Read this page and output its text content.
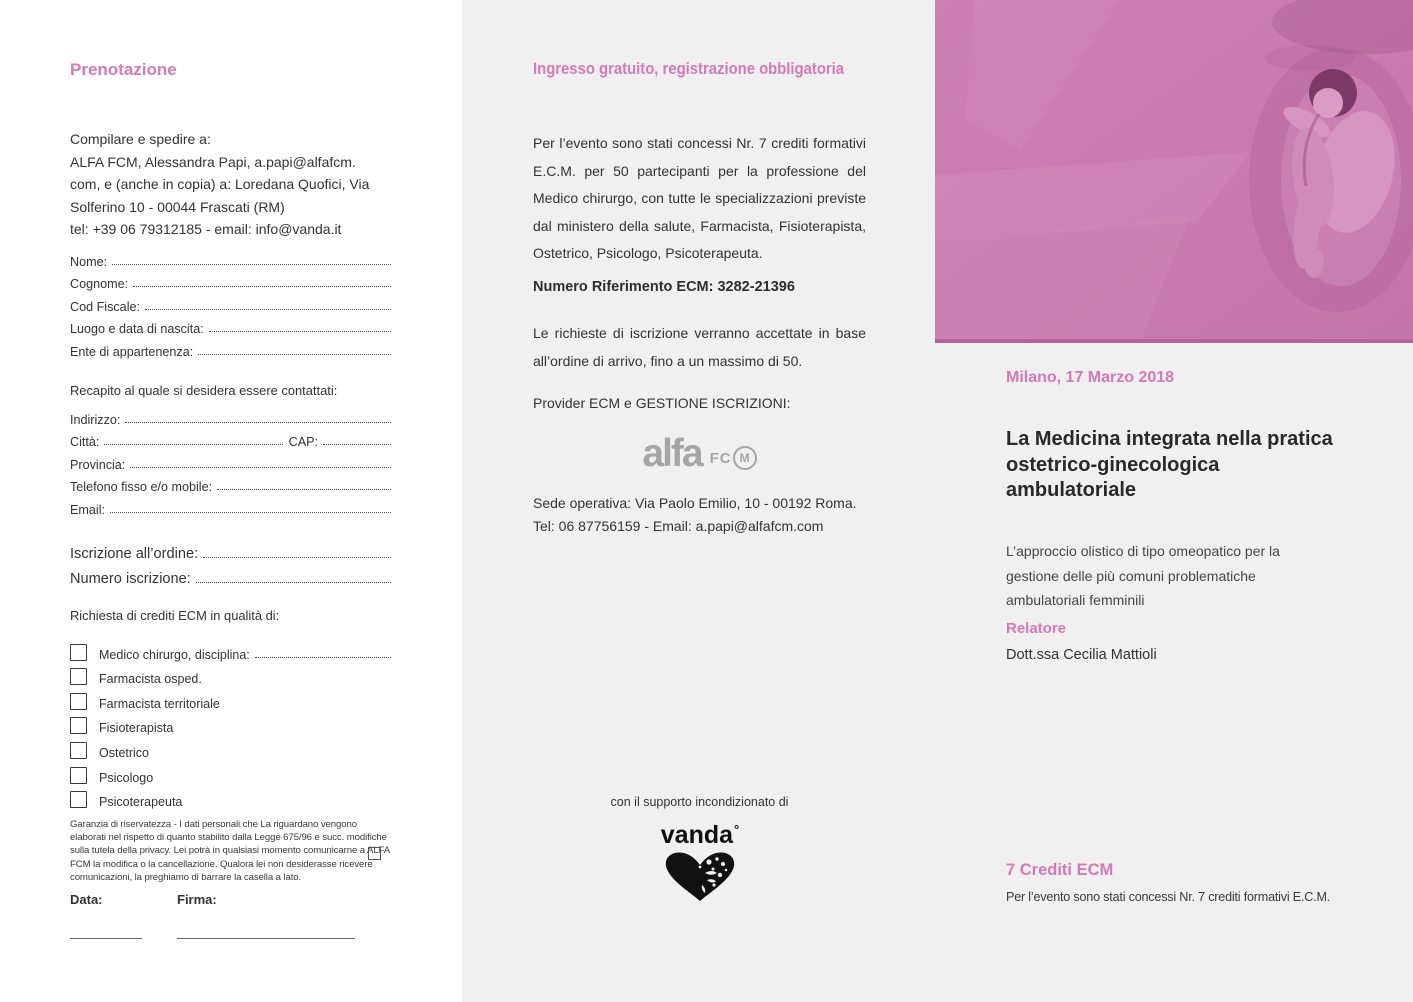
Prenotazione
Compilare e spedire a:
ALFA FCM, Alessandra Papi, a.papi@alfafcm.
com, e (anche in copia) a: Loredana Quofici, Via
Solferino 10 - 00044 Frascati (RM)
tel: +39 06 79312185 - email: info@vanda.it
Nome:
Cognome:
Cod Fiscale:
Luogo e data di nascita:
Ente di appartenenza:
Recapito al quale si desidera essere contattati:
Indirizzo:
Città:	CAP:
Provincia:
Telefono fisso e/o mobile:
Email:
Iscrizione all’ordine:
Numero iscrizione:
Richiesta di crediti ECM in qualità di:
Medico chirurgo, disciplina:
Farmacista osped.
Farmacista territoriale
Fisioterapista
Ostetrico
Psicologo
Psicoterapeuta
Garanzia di riservatezza - I dati personali che La riguardano vengono elaborati nel rispetto di quanto stabilito dalla Legge 675/96 e succ. modifiche sulla tutela della privacy. Lei potrà in qualsiasi momento comunicarne a ALFA FCM la modifica o la cancellazione. Qualora lei non desiderasse ricevere comunicazioni, la preghiamo di barrare la casella a lato.
Data:	Firma:
Ingresso gratuito, registrazione obbligatoria
Per l’evento sono stati concessi Nr. 7 crediti formativi E.C.M. per 50 partecipanti per la professione del Medico chirurgo, con tutte le specializzazioni previste dal ministero della salute, Farmacista, Fisioterapista, Ostetrico, Psicologo, Psicoterapeuta.
Numero Riferimento ECM: 3282-21396
Le richieste di iscrizione verranno accettate in base all’ordine di arrivo, fino a un massimo di 50.
Provider ECM e GESTIONE ISCRIZIONI:
alfa FC M
Sede operativa: Via Paolo Emilio, 10 - 00192 Roma.
Tel: 06 87756159 - Email: a.papi@alfafcm.com
con il supporto incondizionato di
vanda°
Milano, 17 Marzo 2018
La Medicina integrata nella pratica ostetrico-ginecologica ambulatoriale
L’approccio olistico di tipo omeopatico per la gestione delle più comuni problematiche ambulatoriali femminili
Relatore
Dott.ssa Cecilia Mattioli
7 Crediti ECM
Per l’evento sono stati concessi Nr. 7 crediti formativi E.C.M.
